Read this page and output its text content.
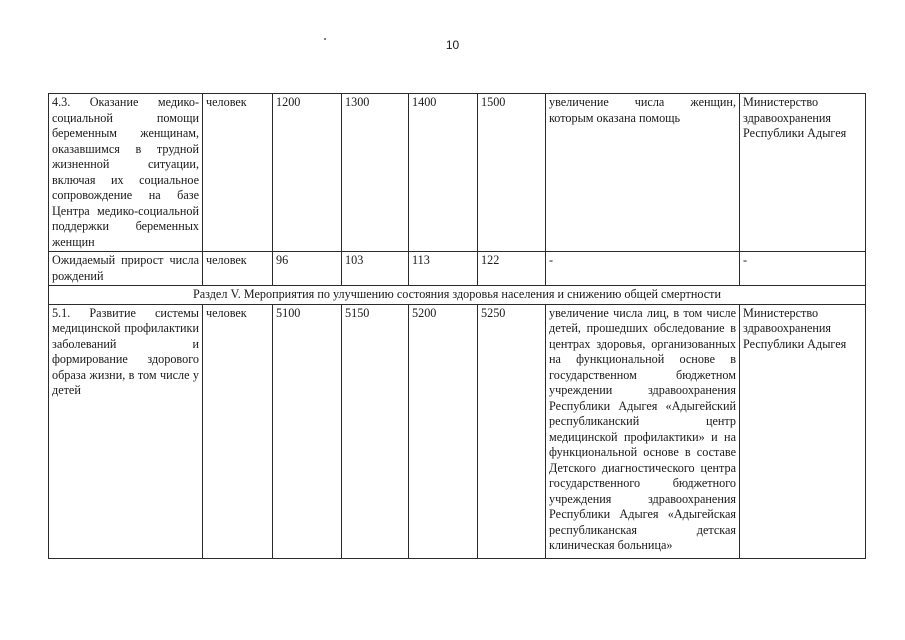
10
4.3. Оказание медико-социальной помощи беременным женщинам, оказавшимся в трудной жизненной ситуации, включая их социальное сопровождение на базе Центра медико-социальной поддержки беременных женщин	человек	1200	1300	1400	1500	увеличение числа женщин, которым оказана помощь	Министерство здравоохранения Республики Адыгея
Ожидаемый прирост числа рождений	человек	96	103	113	122	-	-
Раздел V. Мероприятия по улучшению состояния здоровья населения и снижению общей смертности							
5.1. Развитие системы медицинской профилактики заболеваний и формирование здорового образа жизни, в том числе у детей	человек	5100	5150	5200	5250	увеличение числа лиц, в том числе детей, прошедших обследование в центрах здоровья, организованных на функциональной основе в государственном бюджетном учреждении здравоохранения Республики Адыгея «Адыгейский республиканский центр медицинской профилактики» и на функциональной основе в составе Детского диагностического центра государственного бюджетного учреждения здравоохранения Республики Адыгея «Адыгейская республиканская детская клиническая больница»	Министерство здравоохранения Республики Адыгея
